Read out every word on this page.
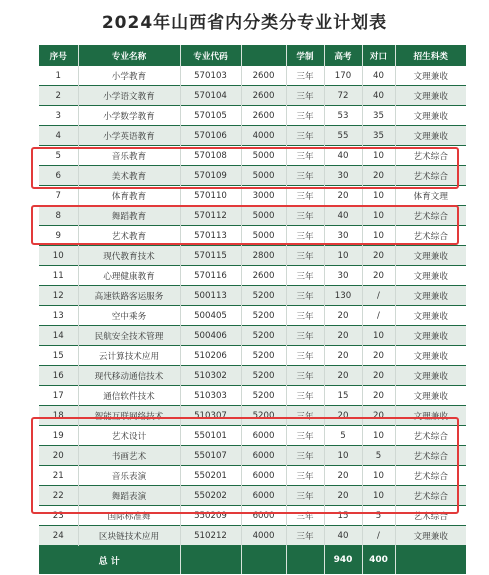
2024年山西省内分类分专业计划表
序号	专业名称	专业代码		学制	高考	对口	招生科类
1	小学教育	570103	2600	三年	170	40	文理兼收
2	小学语文教育	570104	2600	三年	72	40	文理兼收
3	小学数学教育	570105	2600	三年	53	35	文理兼收
4	小学英语教育	570106	4000	三年	55	35	文理兼收
5	音乐教育	570108	5000	三年	40	10	艺术综合
6	美术教育	570109	5000	三年	30	20	艺术综合
7	体育教育	570110	3000	三年	20	10	体育文理
8	舞蹈教育	570112	5000	三年	40	10	艺术综合
9	艺术教育	570113	5000	三年	30	10	艺术综合
10	现代教育技术	570115	2800	三年	10	20	文理兼收
11	心理健康教育	570116	2600	三年	30	20	文理兼收
12	高速铁路客运服务	500113	5200	三年	130	/	文理兼收
13	空中乘务	500405	5200	三年	20	/	文理兼收
14	民航安全技术管理	500406	5200	三年	20	10	文理兼收
15	云计算技术应用	510206	5200	三年	20	20	文理兼收
16	现代移动通信技术	510302	5200	三年	20	20	文理兼收
17	通信软件技术	510303	5200	三年	15	20	文理兼收
18	智能互联网络技术	510307	5200	三年	20	20	文理兼收
19	艺术设计	550101	6000	三年	5	10	艺术综合
20	书画艺术	550107	6000	三年	10	5	艺术综合
21	音乐表演	550201	6000	三年	20	10	艺术综合
22	舞蹈表演	550202	6000	三年	20	10	艺术综合
23	国际标准舞	550209	6000	三年	15	5	艺术综合
24	区块链技术应用	510212	4000	三年	40	/	文理兼收
总 计					940	400	
